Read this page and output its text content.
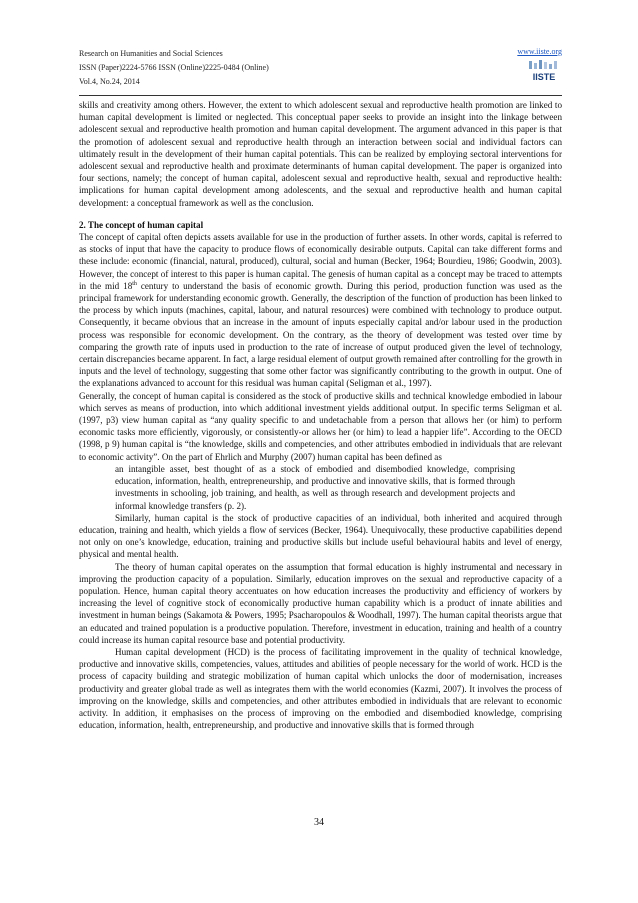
Research on Humanities and Social Sciences
ISSN (Paper)2224-5766 ISSN (Online)2225-0484 (Online)
Vol.4, No.24, 2014
www.iiste.org
IISTE

skills and creativity among others. However, the extent to which adolescent sexual and reproductive health promotion are linked to human capital development is limited or neglected. This conceptual paper seeks to provide an insight into the linkage between adolescent sexual and reproductive health promotion and human capital development. The argument advanced in this paper is that the promotion of adolescent sexual and reproductive health through an interaction between social and individual factors can ultimately result in the development of their human capital potentials. This can be realized by employing sectoral interventions for adolescent sexual and reproductive health and proximate determinants of human capital development. The paper is organized into four sections, namely; the concept of human capital, adolescent sexual and reproductive health, sexual and reproductive health: implications for human capital development among adolescents, and the sexual and reproductive health and human capital development: a conceptual framework as well as the conclusion.

2. The concept of human capital

The concept of capital often depicts assets available for use in the production of further assets. In other words, capital is referred to as stocks of input that have the capacity to produce flows of economically desirable outputs. Capital can take different forms and these include: economic (financial, natural, produced), cultural, social and human (Becker, 1964; Bourdieu, 1986; Goodwin, 2003). However, the concept of interest to this paper is human capital. The genesis of human capital as a concept may be traced to attempts in the mid 18th century to understand the basis of economic growth. During this period, production function was used as the principal framework for understanding economic growth. Generally, the description of the function of production has been linked to the process by which inputs (machines, capital, labour, and natural resources) were combined with technology to produce output. Consequently, it became obvious that an increase in the amount of inputs especially capital and/or labour used in the production process was responsible for economic development. On the contrary, as the theory of development was tested over time by comparing the growth rate of inputs used in production to the rate of increase of output produced given the level of technology, certain discrepancies became apparent. In fact, a large residual element of output growth remained after controlling for the growth in inputs and the level of technology, suggesting that some other factor was significantly contributing to the growth in output. One of the explanations advanced to account for this residual was human capital (Seligman et al., 1997).

Generally, the concept of human capital is considered as the stock of productive skills and technical knowledge embodied in labour which serves as means of production, into which additional investment yields additional output. In specific terms Seligman et al. (1997, p3) view human capital as “any quality specific to and undetachable from a person that allows her (or him) to perform economic tasks more efficiently, vigorously, or consistently-or allows her (or him) to lead a happier life”. According to the OECD (1998, p 9) human capital is “the knowledge, skills and competencies, and other attributes embodied in individuals that are relevant to economic activity”. On the part of Ehrlich and Murphy (2007) human capital has been defined as

an intangible asset, best thought of as a stock of embodied and disembodied knowledge, comprising education, information, health, entrepreneurship, and productive and innovative skills, that is formed through investments in schooling, job training, and health, as well as through research and development projects and informal knowledge transfers (p. 2).

Similarly, human capital is the stock of productive capacities of an individual, both inherited and acquired through education, training and health, which yields a flow of services (Becker, 1964). Unequivocally, these productive capabilities depend not only on one’s knowledge, education, training and productive skills but include useful behavioural habits and level of energy, physical and mental health.

The theory of human capital operates on the assumption that formal education is highly instrumental and necessary in improving the production capacity of a population. Similarly, education improves on the sexual and reproductive capacity of a population. Hence, human capital theory accentuates on how education increases the productivity and efficiency of workers by increasing the level of cognitive stock of economically productive human capability which is a product of innate abilities and investment in human beings (Sakamota & Powers, 1995; Psacharopoulos & Woodhall, 1997). The human capital theorists argue that an educated and trained population is a productive population. Therefore, investment in education, training and health of a country could increase its human capital resource base and potential productivity.

Human capital development (HCD) is the process of facilitating improvement in the quality of technical knowledge, productive and innovative skills, competencies, values, attitudes and abilities of people necessary for the world of work. HCD is the process of capacity building and strategic mobilization of human capital which unlocks the door of modernisation, increases productivity and greater global trade as well as integrates them with the world economies (Kazmi, 2007). It involves the process of improving on the knowledge, skills and competencies, and other attributes embodied in individuals that are relevant to economic activity. In addition, it emphasises on the process of improving on the embodied and disembodied knowledge, comprising education, information, health, entrepreneurship, and productive and innovative skills that is formed through

34
